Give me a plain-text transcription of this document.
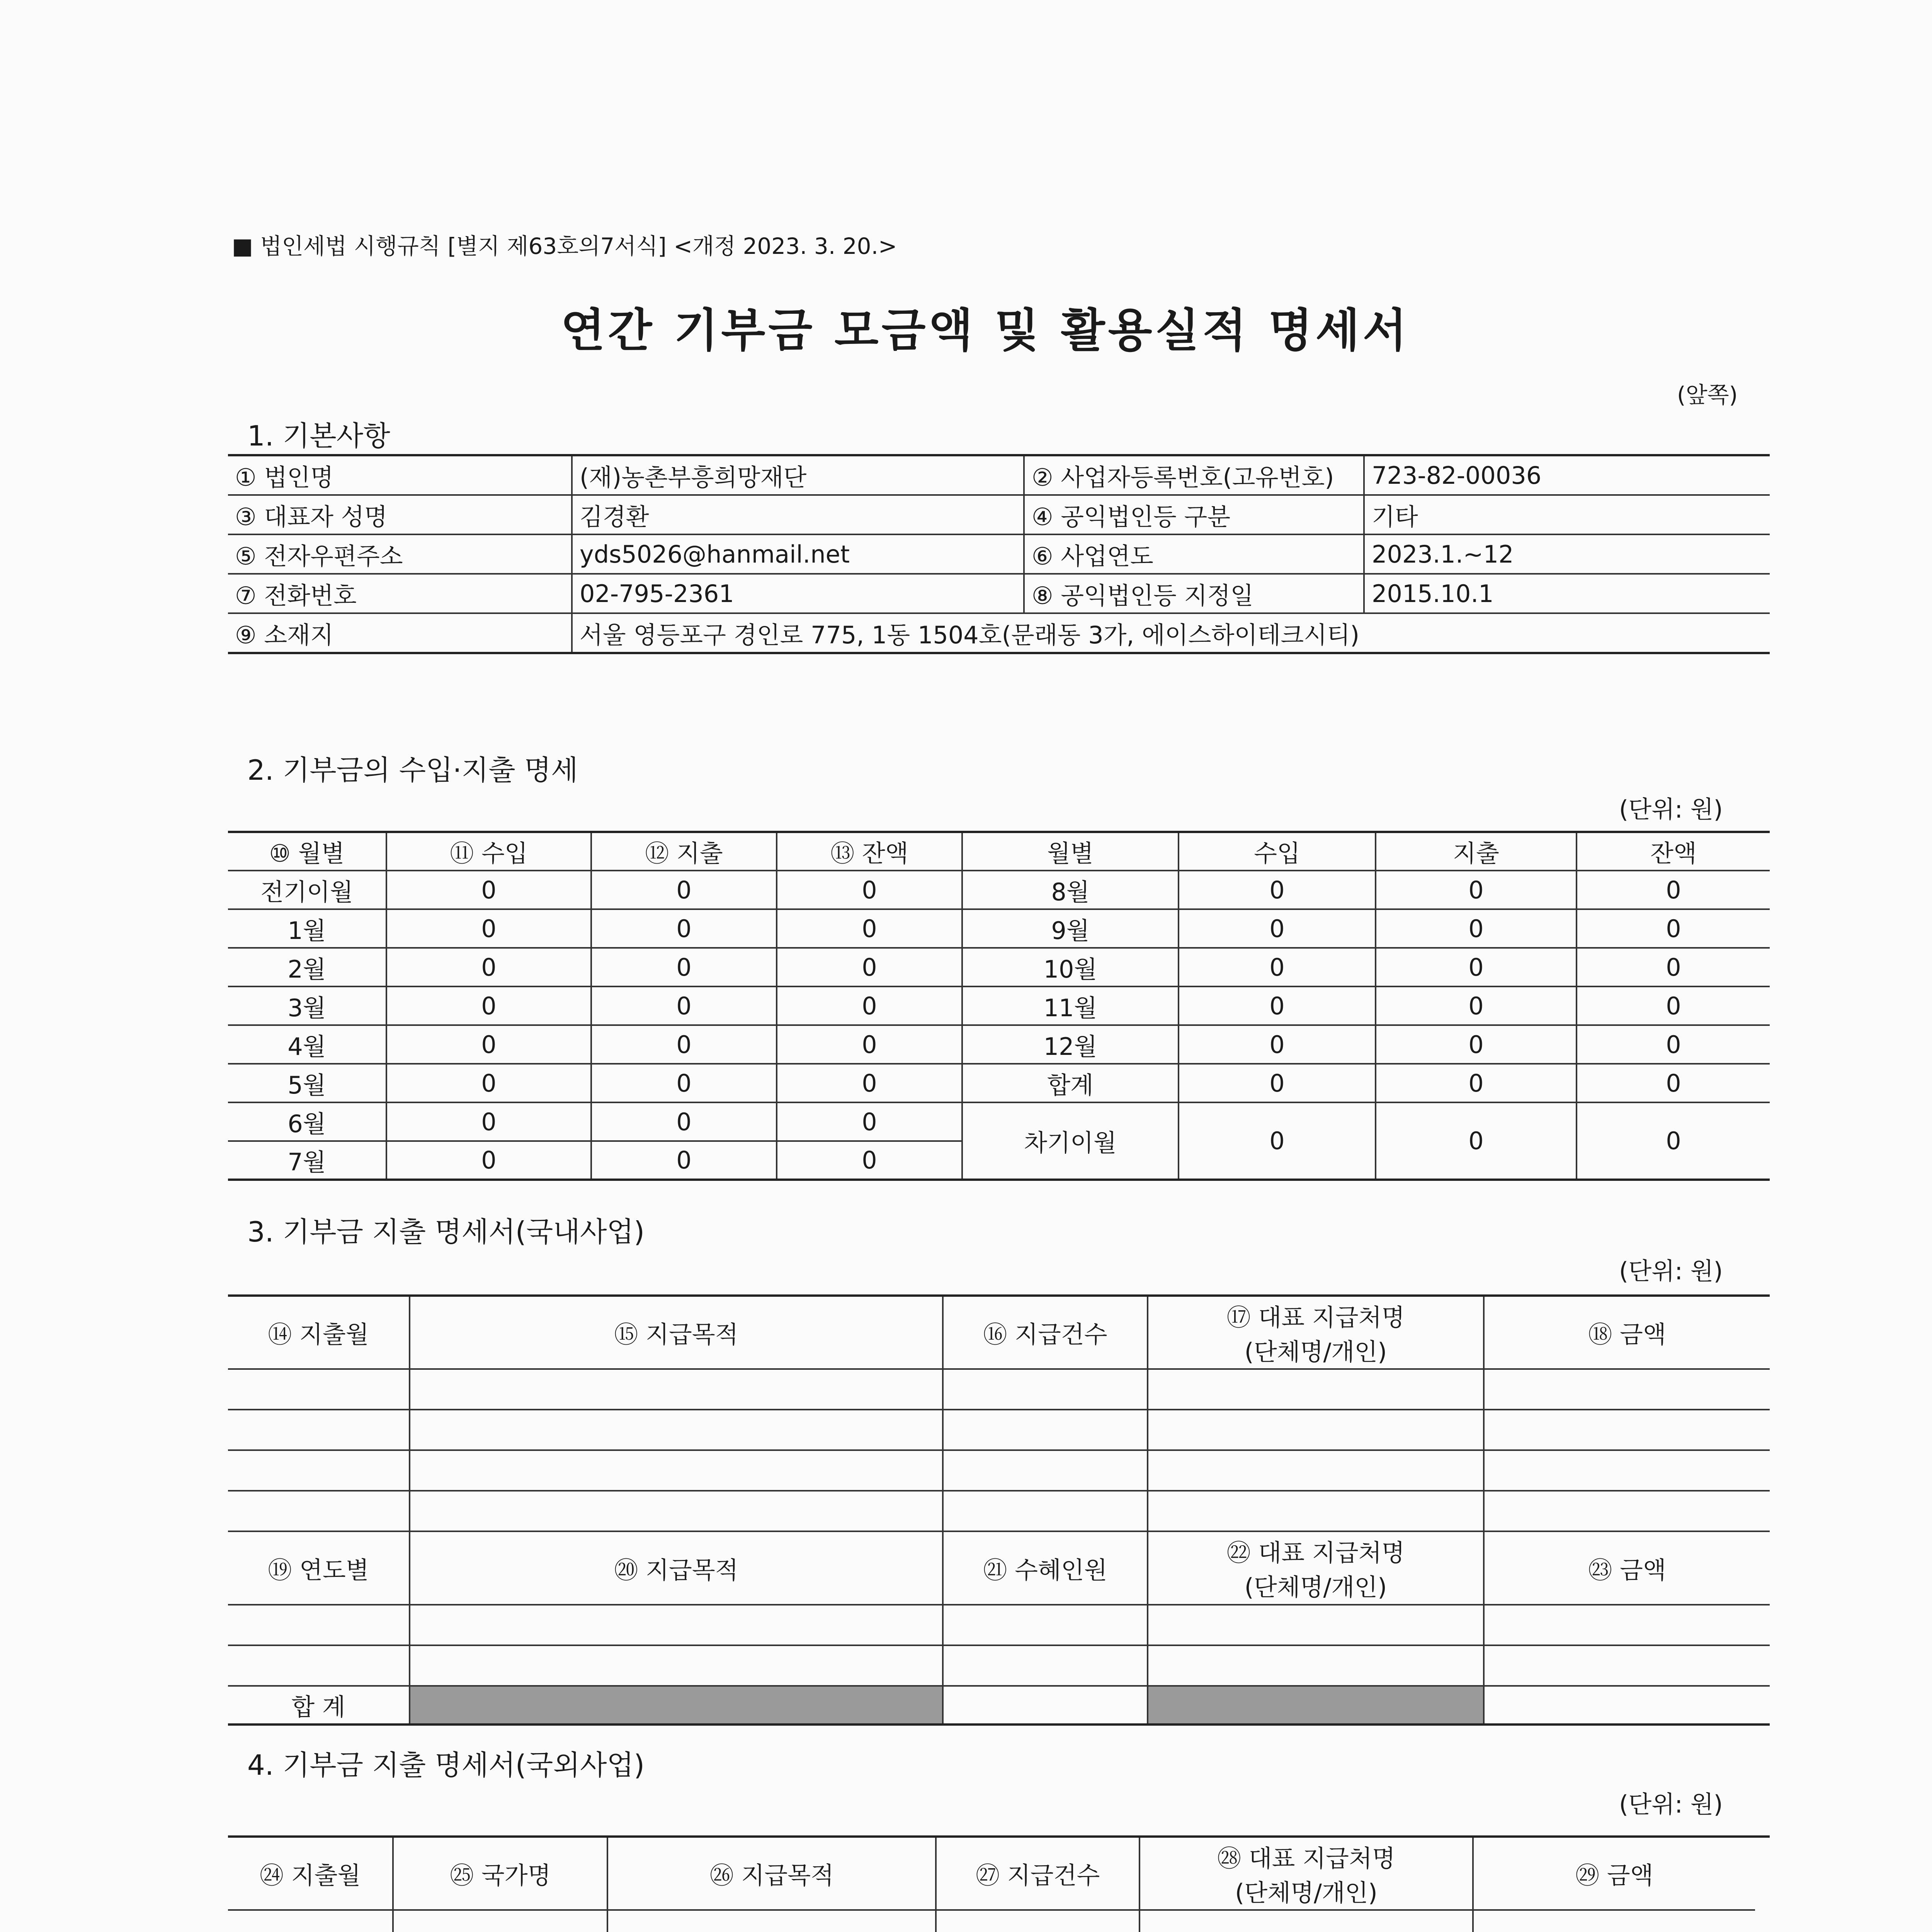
■ 법인세법 시행규칙 [별지 제63호의7서식] <개정 2023. 3. 20.>
연간 기부금 모금액 및 활용실적 명세서
(앞쪽)
1. 기본사항
① 법인명	(재)농촌부흥희망재단	② 사업자등록번호(고유번호)	723-82-00036
③ 대표자 성명	김경환	④ 공익법인등 구분	기타
⑤ 전자우편주소	yds5026@hanmail.net	⑥ 사업연도	2023.1.~12
⑦ 전화번호	02-795-2361	⑧ 공익법인등 지정일	2015.10.1
⑨ 소재지	서울 영등포구 경인로 775, 1동 1504호(문래동 3가, 에이스하이테크시티)		
2. 기부금의 수입·지출 명세
(단위: 원)
⑩ 월별	⑪ 수입	⑫ 지출	⑬ 잔액	월별	수입	지출	잔액
전기이월	0	0	0	8월	0	0	0
1월	0	0	0	9월	0	0	0
2월	0	0	0	10월	0	0	0
3월	0	0	0	11월	0	0	0
4월	0	0	0	12월	0	0	0
5월	0	0	0	합계	0	0	0
6월	0	0	0	차기이월	0	0	0
7월	0	0	0				
3. 기부금 지출 명세서(국내사업)
(단위: 원)
⑭ 지출월	⑮ 지급목적	⑯ 지급건수	⑰ 대표 지급처명
(단체명/개인)	⑱ 금액

⑲ 연도별	⑳ 지급목적	㉑ 수혜인원	㉒ 대표 지급처명
(단체명/개인)	㉓ 금액

합 계				
4. 기부금 지출 명세서(국외사업)
(단위: 원)
㉔ 지출월	㉕ 국가명	㉖ 지급목적	㉗ 지급건수	㉘ 대표 지급처명
(단체명/개인)	㉙ 금액	
